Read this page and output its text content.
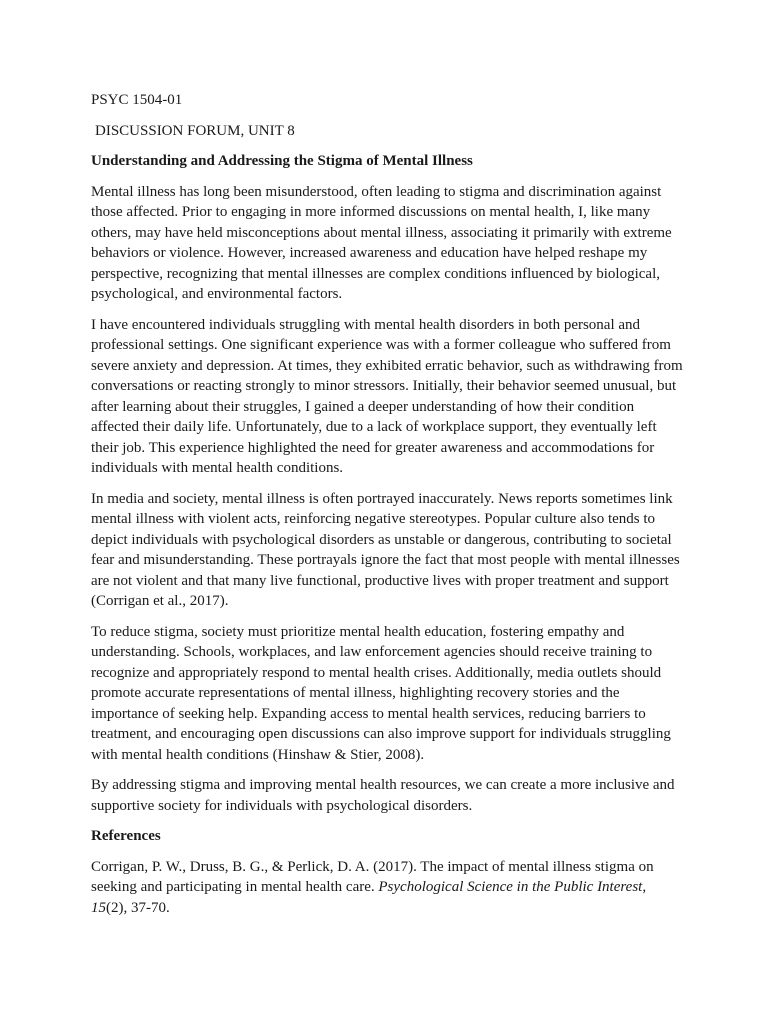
PSYC 1504-01

DISCUSSION FORUM, UNIT 8

Understanding and Addressing the Stigma of Mental Illness

Mental illness has long been misunderstood, often leading to stigma and discrimination against those affected. Prior to engaging in more informed discussions on mental health, I, like many others, may have held misconceptions about mental illness, associating it primarily with extreme behaviors or violence. However, increased awareness and education have helped reshape my perspective, recognizing that mental illnesses are complex conditions influenced by biological, psychological, and environmental factors.

I have encountered individuals struggling with mental health disorders in both personal and professional settings. One significant experience was with a former colleague who suffered from severe anxiety and depression. At times, they exhibited erratic behavior, such as withdrawing from conversations or reacting strongly to minor stressors. Initially, their behavior seemed unusual, but after learning about their struggles, I gained a deeper understanding of how their condition affected their daily life. Unfortunately, due to a lack of workplace support, they eventually left their job. This experience highlighted the need for greater awareness and accommodations for individuals with mental health conditions.

In media and society, mental illness is often portrayed inaccurately. News reports sometimes link mental illness with violent acts, reinforcing negative stereotypes. Popular culture also tends to depict individuals with psychological disorders as unstable or dangerous, contributing to societal fear and misunderstanding. These portrayals ignore the fact that most people with mental illnesses are not violent and that many live functional, productive lives with proper treatment and support (Corrigan et al., 2017).

To reduce stigma, society must prioritize mental health education, fostering empathy and understanding. Schools, workplaces, and law enforcement agencies should receive training to recognize and appropriately respond to mental health crises. Additionally, media outlets should promote accurate representations of mental illness, highlighting recovery stories and the importance of seeking help. Expanding access to mental health services, reducing barriers to treatment, and encouraging open discussions can also improve support for individuals struggling with mental health conditions (Hinshaw & Stier, 2008).

By addressing stigma and improving mental health resources, we can create a more inclusive and supportive society for individuals with psychological disorders.

References

Corrigan, P. W., Druss, B. G., & Perlick, D. A. (2017). The impact of mental illness stigma on seeking and participating in mental health care. Psychological Science in the Public Interest, 15(2), 37-70.
